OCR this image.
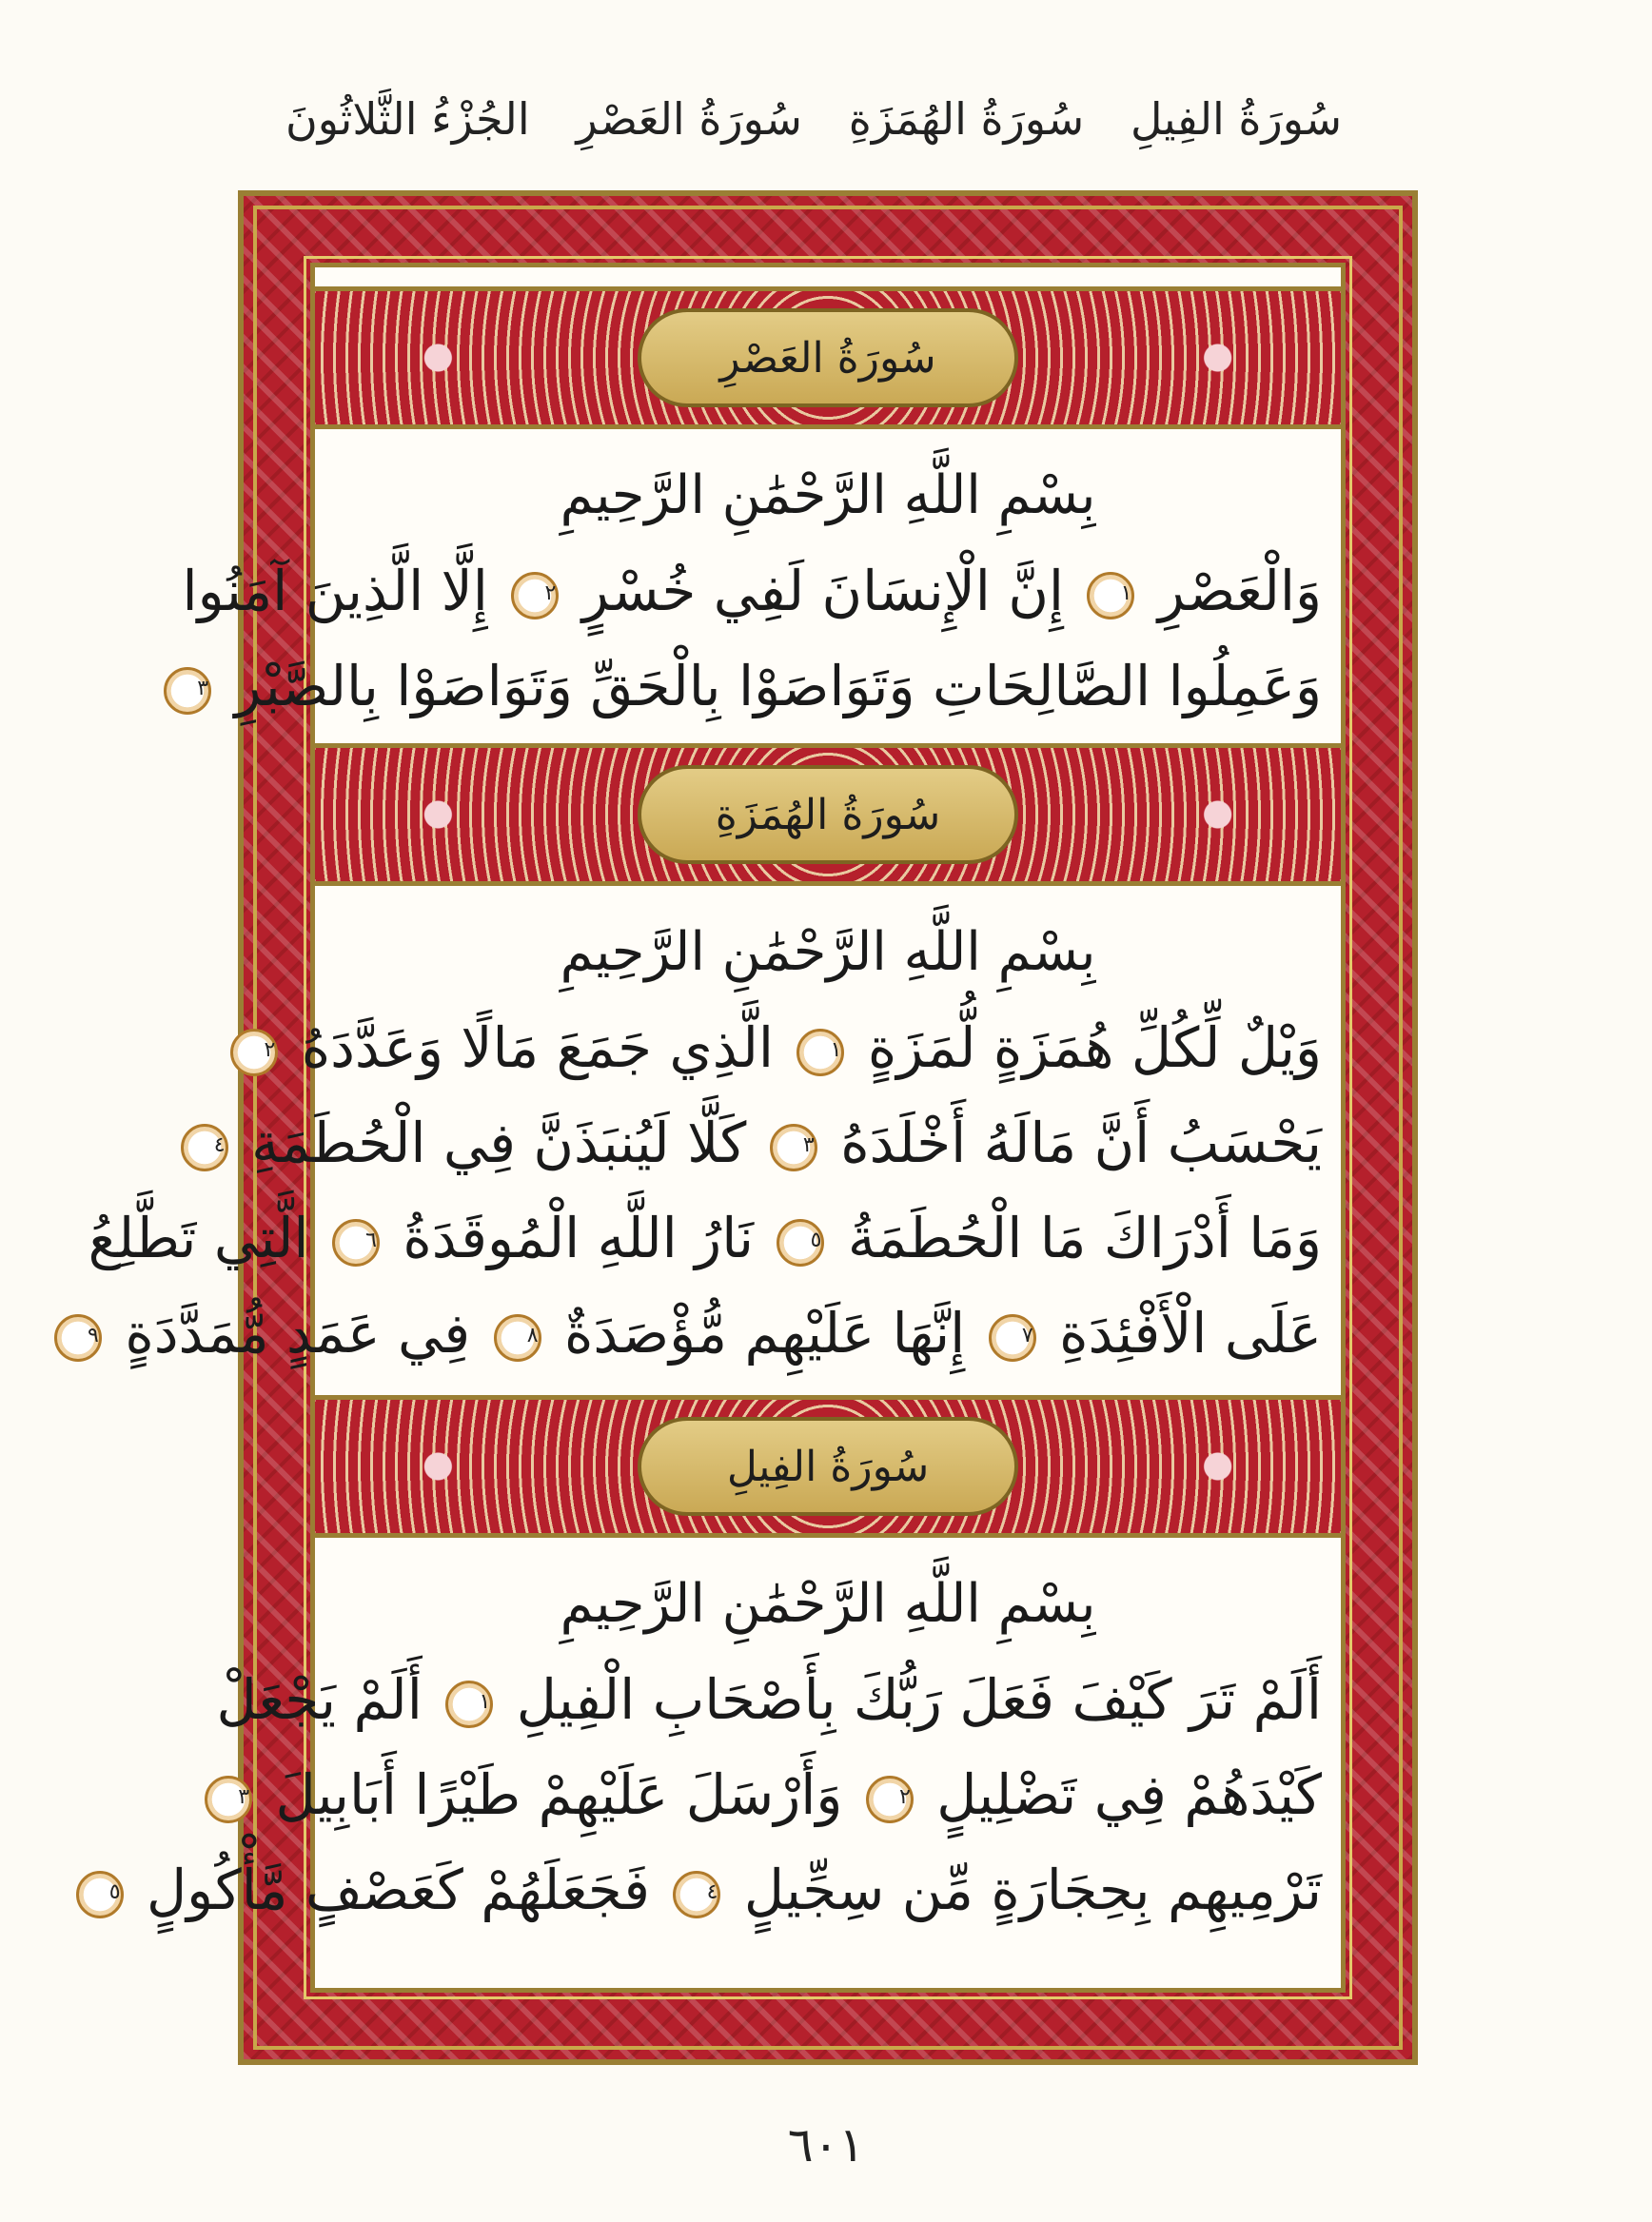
الجُزْءُ الثَّلاثُونَ سُورَةُ العَصْرِ سُورَةُ الهُمَزَةِ سُورَةُ الفِيلِ
سُورَةُ العَصْرِ
بِسْمِ اللَّهِ الرَّحْمَٰنِ الرَّحِيمِ
وَالْعَصْرِ ١ إِنَّ الْإِنسَانَ لَفِي خُسْرٍ ٢ إِلَّا الَّذِينَ آمَنُوا
وَعَمِلُوا الصَّالِحَاتِ وَتَوَاصَوْا بِالْحَقِّ وَتَوَاصَوْا بِالصَّبْرِ ٣
سُورَةُ الهُمَزَةِ
بِسْمِ اللَّهِ الرَّحْمَٰنِ الرَّحِيمِ
وَيْلٌ لِّكُلِّ هُمَزَةٍ لُّمَزَةٍ ١ الَّذِي جَمَعَ مَالًا وَعَدَّدَهُ ٢
يَحْسَبُ أَنَّ مَالَهُ أَخْلَدَهُ ٣ كَلَّا لَيُنبَذَنَّ فِي الْحُطَمَةِ ٤
وَمَا أَدْرَاكَ مَا الْحُطَمَةُ ٥ نَارُ اللَّهِ الْمُوقَدَةُ ٦ الَّتِي تَطَّلِعُ
عَلَى الْأَفْئِدَةِ ٧ إِنَّهَا عَلَيْهِم مُّؤْصَدَةٌ ٨ فِي عَمَدٍ مُّمَدَّدَةٍ ٩
سُورَةُ الفِيلِ
بِسْمِ اللَّهِ الرَّحْمَٰنِ الرَّحِيمِ
أَلَمْ تَرَ كَيْفَ فَعَلَ رَبُّكَ بِأَصْحَابِ الْفِيلِ ١ أَلَمْ يَجْعَلْ
كَيْدَهُمْ فِي تَضْلِيلٍ ٢ وَأَرْسَلَ عَلَيْهِمْ طَيْرًا أَبَابِيلَ ٣
تَرْمِيهِم بِحِجَارَةٍ مِّن سِجِّيلٍ ٤ فَجَعَلَهُمْ كَعَصْفٍ مَّأْكُولٍ ٥
٦٠١
